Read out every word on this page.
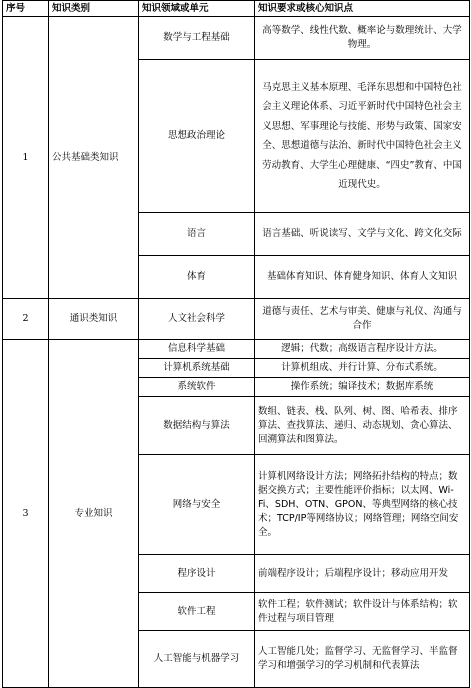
序号	知识类别	知识领域或单元	知识要求或核心知识点
1	公共基础类知识	数学与工程基础	高等数学、线性代数、概率论与数理统计、大学物理。
		思想政治理论	马克思主义基本原理、毛泽东思想和中国特色社会主义理论体系、习近平新时代中国特色社会主义思想、军事理论与技能、形势与政策、国家安全、思想道德与法治、新时代中国特色社会主义劳动教育、大学生心理健康、“四史”教育、中国近现代史。
		语言	语言基础、听说读写、文学与文化、跨文化交际
		体育	基础体育知识、体育健身知识、体育人文知识
2	通识类知识	人文社会科学	道德与责任、艺术与审美、健康与礼仪、沟通与合作
3	专业知识	信息科学基础	逻辑；代数；高级语言程序设计方法。
		计算机系统基础	计算机组成、并行计算、分布式系统。
		系统软件	操作系统；编译技术；数据库系统
		数据结构与算法	数组、链表、栈、队列、树、图、哈希表、排序算法、查找算法、递归、动态规划、贪心算法、回溯算法和图算法。
		网络与安全	计算机网络设计方法；网络拓扑结构的特点；数据交换方式；主要性能评价指标；以太网、Wi-Fi、SDH、OTN、GPON、等典型网络的核心技术；TCP/IP等网络协议；网络管理；网络空间安全。
		程序设计	前端程序设计；后端程序设计；移动应用开发
		软件工程	软件工程；软件测试；软件设计与体系结构；软件过程与项目管理
		人工智能与机器学习	人工智能几处；监督学习、无监督学习、半监督学习和增强学习的学习机制和代表算法
